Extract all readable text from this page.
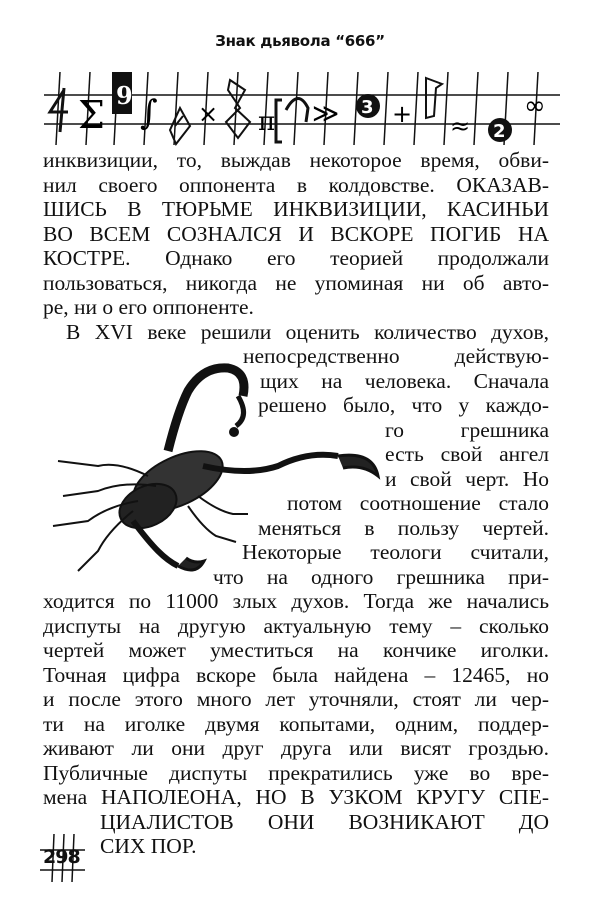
Знак дьявола “666”
Σ 9 ∫ × π ≫ 3 + ≈ 2
∞
инквизиции, то, выждав некоторое время, обви-
нил своего оппонента в колдовстве. ОКАЗАВ-
ШИСЬ В ТЮРЬМЕ ИНКВИЗИЦИИ, КАСИНЬИ
ВО ВСЕМ СОЗНАЛСЯ И ВСКОРЕ ПОГИБ НА
КОСТРЕ. Однако его теорией продолжали
пользоваться, никогда не упоминая ни об авто-
ре, ни о его оппоненте.
В XVI веке решили оценить количество духов,
непосредственно действую-
щих на человека. Сначала
решено было, что у каждо-
го грешника
есть свой ангел
и свой черт. Но
потом соотношение стало
меняться в пользу чертей.
Некоторые теологи считали,
что на одного грешника при-
ходится по 11000 злых духов. Тогда же начались
диспуты на другую актуальную тему – сколько
чертей может уместиться на кончике иголки.
Точная цифра вскоре была найдена – 12465, но
и после этого много лет уточняли, стоят ли чер-
ти на иголке двумя копытами, одним, поддер-
живают ли они друг друга или висят гроздью.
Публичные диспуты прекратились уже во вре-
мена НАПОЛЕОНА, НО В УЗКОМ КРУГУ СПЕ-
ЦИАЛИСТОВ ОНИ ВОЗНИКАЮТ ДО
СИХ ПОР.
298
